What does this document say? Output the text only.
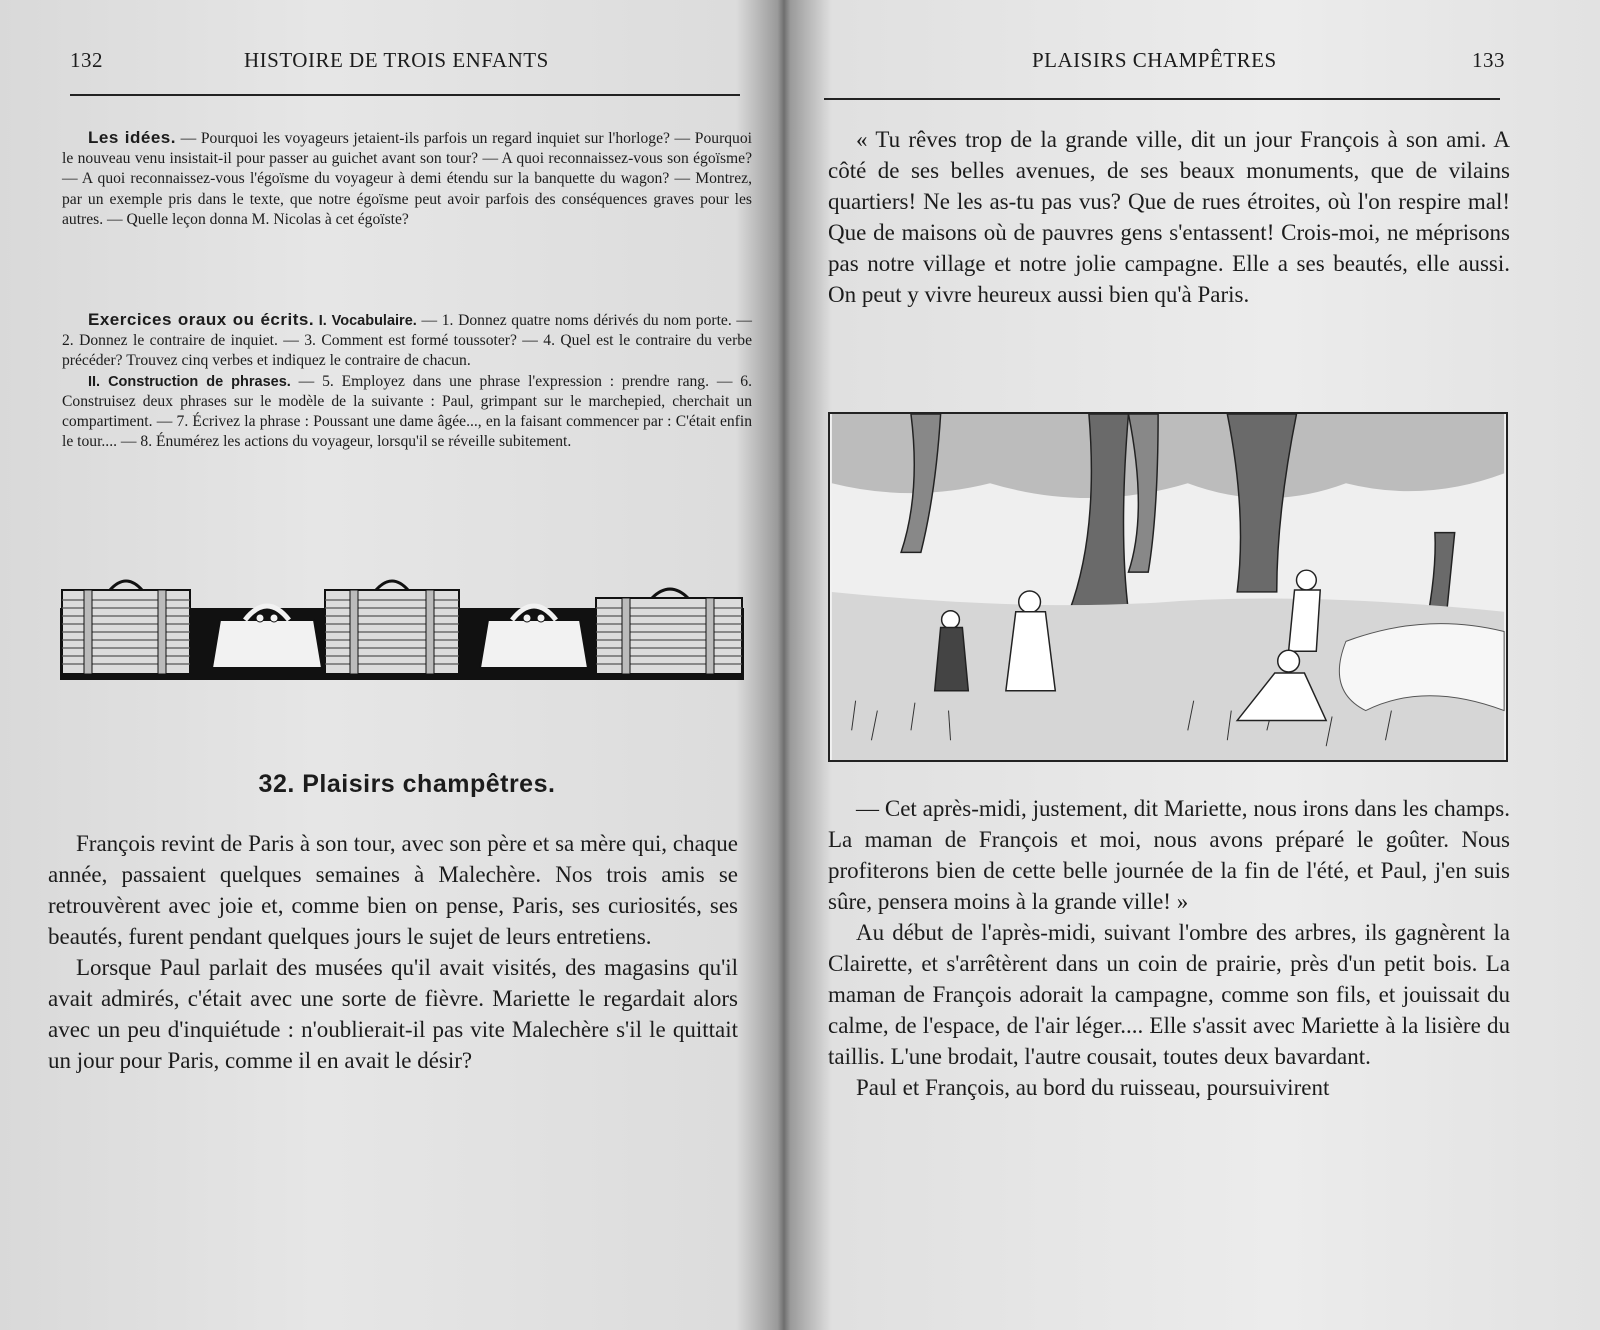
132	HISTOIRE DE TROIS ENFANTS

Les idées. — Pourquoi les voyageurs jetaient-ils parfois un regard inquiet sur l'horloge? — Pourquoi le nouveau venu insistait-il pour passer au guichet avant son tour? — A quoi reconnaissez-vous son égoïsme? — A quoi reconnaissez-vous l'égoïsme du voyageur à demi étendu sur la banquette du wagon? — Montrez, par un exemple pris dans le texte, que notre égoïsme peut avoir parfois des conséquences graves pour les autres. — Quelle leçon donna M. Nicolas à cet égoïste?

Exercices oraux ou écrits. I. Vocabulaire. — 1. Donnez quatre noms dérivés du nom porte. — 2. Donnez le contraire de inquiet. — 3. Comment est formé toussoter? — 4. Quel est le contraire du verbe précéder? Trouvez cinq verbes et indiquez le contraire de chacun.

II. Construction de phrases. — 5. Employez dans une phrase l'expression : prendre rang. — 6. Construisez deux phrases sur le modèle de la suivante : Paul, grimpant sur le marchepied, cherchait un compartiment. — 7. Écrivez la phrase : Poussant une dame âgée..., en la faisant commencer par : C'était enfin le tour.... — 8. Énumérez les actions du voyageur, lorsqu'il se réveille subitement.

32. Plaisirs champêtres.

François revint de Paris à son tour, avec son père et sa mère qui, chaque année, passaient quelques semaines à Malechère. Nos trois amis se retrouvèrent avec joie et, comme bien on pense, Paris, ses curiosités, ses beautés, furent pendant quelques jours le sujet de leurs entretiens.

Lorsque Paul parlait des musées qu'il avait visités, des magasins qu'il avait admirés, c'était avec une sorte de fièvre. Mariette le regardait alors avec un peu d'inquiétude : n'oublierait-il pas vite Malechère s'il le quittait un jour pour Paris, comme il en avait le désir?

PLAISIRS CHAMPÊTRES	133

« Tu rêves trop de la grande ville, dit un jour François à son ami. A côté de ses belles avenues, de ses beaux monuments, que de vilains quartiers! Ne les as-tu pas vus? Que de rues étroites, où l'on respire mal! Que de maisons où de pauvres gens s'entassent! Crois-moi, ne méprisons pas notre village et notre jolie campagne. Elle a ses beautés, elle aussi. On peut y vivre heureux aussi bien qu'à Paris.

— Cet après-midi, justement, dit Mariette, nous irons dans les champs. La maman de François et moi, nous avons préparé le goûter. Nous profiterons bien de cette belle journée de la fin de l'été, et Paul, j'en suis sûre, pensera moins à la grande ville! »

Au début de l'après-midi, suivant l'ombre des arbres, ils gagnèrent la Clairette, et s'arrêtèrent dans un coin de prairie, près d'un petit bois. La maman de François adorait la campagne, comme son fils, et jouissait du calme, de l'espace, de l'air léger.... Elle s'assit avec Mariette à la lisière du taillis. L'une brodait, l'autre cousait, toutes deux bavardant.

Paul et François, au bord du ruisseau, poursuivirent
